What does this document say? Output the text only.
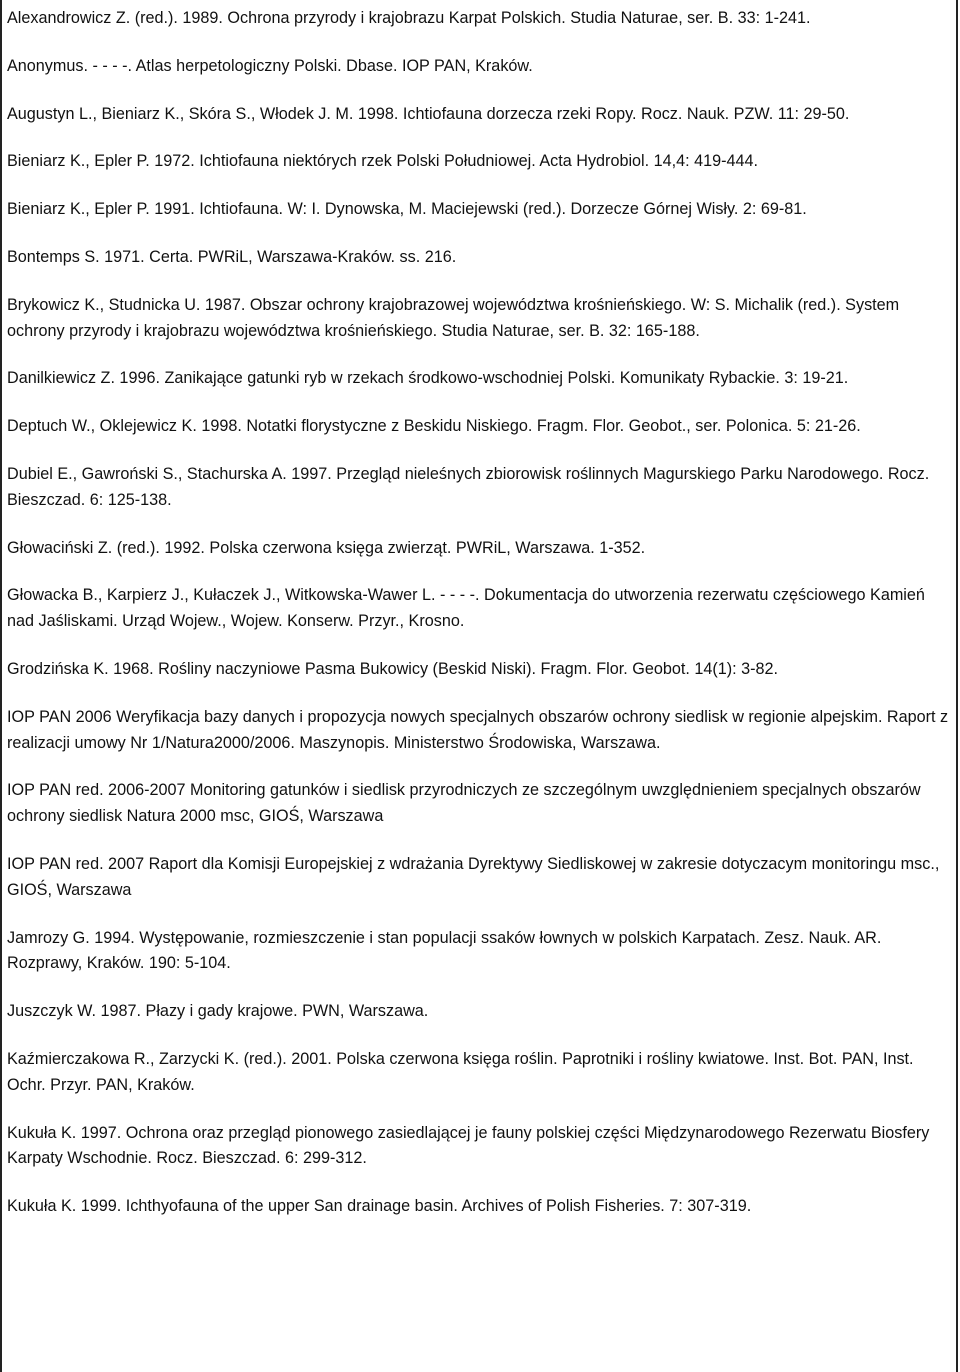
Alexandrowicz Z. (red.). 1989. Ochrona przyrody i krajobrazu Karpat Polskich. Studia Naturae, ser. B. 33: 1-241.
Anonymus. - - - -. Atlas herpetologiczny Polski. Dbase. IOP PAN, Kraków.
Augustyn L., Bieniarz K., Skóra S., Włodek J. M. 1998. Ichtiofauna dorzecza rzeki Ropy. Rocz. Nauk. PZW. 11: 29-50.
Bieniarz K., Epler P. 1972. Ichtiofauna niektórych rzek Polski Południowej. Acta Hydrobiol. 14,4: 419-444.
Bieniarz K., Epler P. 1991. Ichtiofauna. W: I. Dynowska, M. Maciejewski (red.). Dorzecze Górnej Wisły. 2: 69-81.
Bontemps S. 1971. Certa. PWRiL, Warszawa-Kraków. ss. 216.
Brykowicz K., Studnicka U. 1987. Obszar ochrony krajobrazowej województwa krośnieńskiego. W: S. Michalik (red.). System ochrony przyrody i krajobrazu województwa krośnieńskiego. Studia Naturae, ser. B. 32: 165-188.
Danilkiewicz Z. 1996. Zanikające gatunki ryb w rzekach środkowo-wschodniej Polski. Komunikaty Rybackie. 3: 19-21.
Deptuch W., Oklejewicz K. 1998. Notatki florystyczne z Beskidu Niskiego. Fragm. Flor. Geobot., ser. Polonica. 5: 21-26.
Dubiel E., Gawroński S., Stachurska A. 1997. Przegląd nieleśnych zbiorowisk roślinnych Magurskiego Parku Narodowego. Rocz. Bieszczad. 6: 125-138.
Głowaciński Z. (red.). 1992. Polska czerwona księga zwierząt. PWRiL, Warszawa. 1-352.
Głowacka B., Karpierz J., Kułaczek J., Witkowska-Wawer L. - - - -. Dokumentacja do utworzenia rezerwatu częściowego Kamień nad Jaśliskami. Urząd Wojew., Wojew. Konserw. Przyr., Krosno.
Grodzińska K. 1968. Rośliny naczyniowe Pasma Bukowicy (Beskid Niski). Fragm. Flor. Geobot. 14(1): 3-82.
IOP PAN 2006 Weryfikacja bazy danych i propozycja nowych specjalnych obszarów ochrony siedlisk w regionie alpejskim. Raport z realizacji umowy Nr 1/Natura2000/2006. Maszynopis. Ministerstwo Środowiska, Warszawa.
IOP PAN red. 2006-2007 Monitoring gatunków i siedlisk przyrodniczych ze szczególnym uwzględnieniem specjalnych obszarów ochrony siedlisk Natura 2000 msc, GIOŚ, Warszawa
IOP PAN red. 2007 Raport dla Komisji Europejskiej z wdrażania Dyrektywy Siedliskowej w zakresie dotyczacym monitoringu msc., GIOŚ, Warszawa
Jamrozy G. 1994. Występowanie, rozmieszczenie i stan populacji ssaków łownych w polskich Karpatach. Zesz. Nauk. AR. Rozprawy, Kraków. 190: 5-104.
Juszczyk W. 1987. Płazy i gady krajowe. PWN, Warszawa.
Kaźmierczakowa R., Zarzycki K. (red.). 2001. Polska czerwona księga roślin. Paprotniki i rośliny kwiatowe. Inst. Bot. PAN, Inst. Ochr. Przyr. PAN, Kraków.
Kukuła K. 1997. Ochrona oraz przegląd pionowego zasiedlającej je fauny polskiej części Międzynarodowego Rezerwatu Biosfery Karpaty Wschodnie. Rocz. Bieszczad. 6: 299-312.
Kukuła K. 1999. Ichthyofauna of the upper San drainage basin. Archives of Polish Fisheries. 7: 307-319.
